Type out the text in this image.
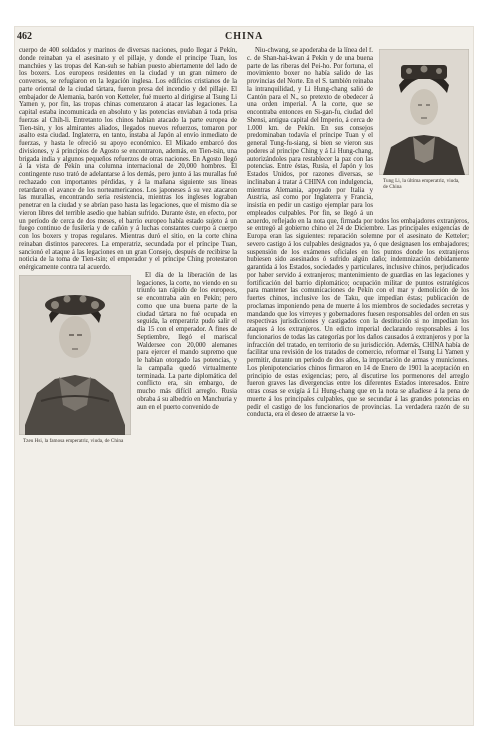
462	CHINA

cuerpo de 400 soldados y marinos de diversas naciones, pudo llegar á Pekín, donde reinaban ya el asesinato y el pillaje, y donde el principe Tuan, los manchúes y las tropas del Kan-suh se habían puesto abiertamente del lado de los boxers. Los europeos residentes en la ciudad y un gran número de conversos, se refugiaron en la legación inglesa. Los edificios cristianos de la parte oriental de la ciudad tártara, fueron presa del incendio y del pillaje. El embajador de Alemania, barón von Ketteler, fué muerto al dirigirse al Tsung Li Yamen y, por fin, las tropas chinas comenzaron á atacar las legaciones. La capital estaba incomunicada en absoluto y las potencias enviaban á toda prisa fuerzas al Chih-li. Entretanto los chinos habían atacado la parte europea de Tien-tsin, y los almirantes aliados, llegados nuevos refuerzos, tomaron por asalto esta ciudad. Inglaterra, en tanto, instaba al Japón al envío inmediato de fuerzas, y hasta le ofreció su apoyo económico. El Mikado embarcó dos divisiones, y á principios de Agosto se encontraron, además, en Tien-tsin, una brigada india y algunos pequeños refuerzos de otras naciones. En Agosto llegó á la vista de Pekín una columna internacional de 20,000 hombres. El contingente ruso trató de adelantarse á los demás, pero junto á las murallas fué rechazado con importantes pérdidas, y á la mañana siguiente sus líneas retardaron el avance de los norteamericanos. Los japoneses á su vez atacaron las murallas, encontrando seria resistencia, mientras los ingleses lograban penetrar en la ciudad y se abrían paso hasta las legaciones, que el mismo día se vieron libres del terrible asedio que habían sufrido. Durante éste, en efecto, por un período de cerca de dos meses, el barrio europeo había estado sujeto á un fuego continuo de fusilería y de cañón y á luchas constantes cuerpo á cuerpo con los boxers y tropas regulares. Mientras duró el sitio, en la corte chinа reinaban distintos pareceres. La emperatriz, secundada por el príncipe Tuan, sancionó el ataque á las legaciones en un gran Consejo, después de recibirse la noticia de la toma de Tien-tsin; el emperador y el príncipe Ching protestaron enérgicamente contra tal acuerdo.

Tzeu Hsi, la famosa emperatriz, viuda, de China

El día de la liberación de las legaciones, la corte, no viendo en su triunfo tan rápido de los europeos, se encontraba aún en Pekín; pero como que una buena parte de la ciudad tártara no fué ocupada en seguida, la emperatriz pudo salir el día 15 con el emperador. A fines de Septiembre, llegó el mariscal Waldersee con 20,000 alemanes para ejercer el mando supremo que le habían otorgado las potencias, y la campaña quedó virtualmente terminada. La parte diplomática del conflicto era, sin embargo, de mucho más difícil arreglo. Rusia obraba á su albedrío en Manchuria y aun en el puerto convenido de

Tung Li, la última emperatriz, viuda, de China

Niu-chwang, se apoderaba de la línea del f. c. de Shan-hai-kwan á Pekín y de una buena parte de las riberas del Pei-ho. Por fortuna, el movimiento boxer no había salido de las provincias del Norte. En el S. también reinaba la intranquilidad, y Li Hung-chang salió de Cantón para el N., so pretexto de obedecer á una orden imperial. A la corte, que se encontraba entonces en Si-gan-fu, ciudad del Shensi, antigua capital del Imperio, á cerca de 1.000 km. de Pekín. En sus consejos predominaban todavía el príncipe Tuan y el general Tung-fu-siang, si bien se vieron sus poderes al principe Ching y á Li Hung-chang, autorizándoles para restablecer la paz con las potencias. Entre éstas, Rusia, el Japón y los Estados Unidos, por razones diversas, se inclinaban á tratar á CHINA con indulgencia, mientras Alemania, apoyado por Italia y Austria, así como por Inglaterra y Francia, insistía en pedir un castigo ejemplar para los empleados culpables. Por fin, se llegó á un acuerdo, reflejado en la nota que, firmada por todos los embajadores extranjeros, se entregó al gobierno chino el 24 de Diciembre. Las principales exigencias de Europa eran las siguientes: reparación solemne por el asesinato de Ketteler; severo castigo á los culpables designados ya, ó que designasen los embajadores; suspensión de los exámenes oficiales en los puntos donde los extranjeros hubiesen sido asesinados ó sufrido algún daño; indemnización debidamente garantida á los Estados, sociedades y particulares, inclusive chinos, perjudicados por haber servido á extranjeros; mantenimiento de guardias en las legaciones y fortificación del barrio diplomático; ocupación militar de puntos estratégicos para mantener las comunicaciones de Pekín con el mar y demolición de los fuertes chinos, inclusive los de Taku, que impedían éstas; publicación de proclamas imponiendo pena de muerte á los miembros de sociedades secretas y mandando que los virreyes y gobernadores fuesen responsables del orden en sus respectivas jurisdicciones y castigados con la destitución si no impedían los ataques á los extranjeros. Un edicto imperial declarando responsables á los funcionarios de todas las categorías por los daños causados á extranjeros y por la infracción del tratado, en territorio de su jurisdicción. Además, CHINA había de facilitar una revisión de los tratados de comercio, reformar el Tsung Li Yamen y permitir, durante un período de dos años, la importación de armas y municiones. Los plenipotenciarios chinos firmaron en 14 de Enero de 1901 la aceptación en principio de estas exigencias; pero, al discutirse los pormenores del arreglo fueron graves las divergencias entre los diferentes Estados interesados. Entre otras cosas se exigía á Li Hung-chang que en la nota se añadiese á la pena de muerte á los principales culpables, que se secundar á las grandes potencias en pedir el castigo de los funcionarios de provincias. La verdadera razón de su conducta, era el deseo de atraerse la vo-
